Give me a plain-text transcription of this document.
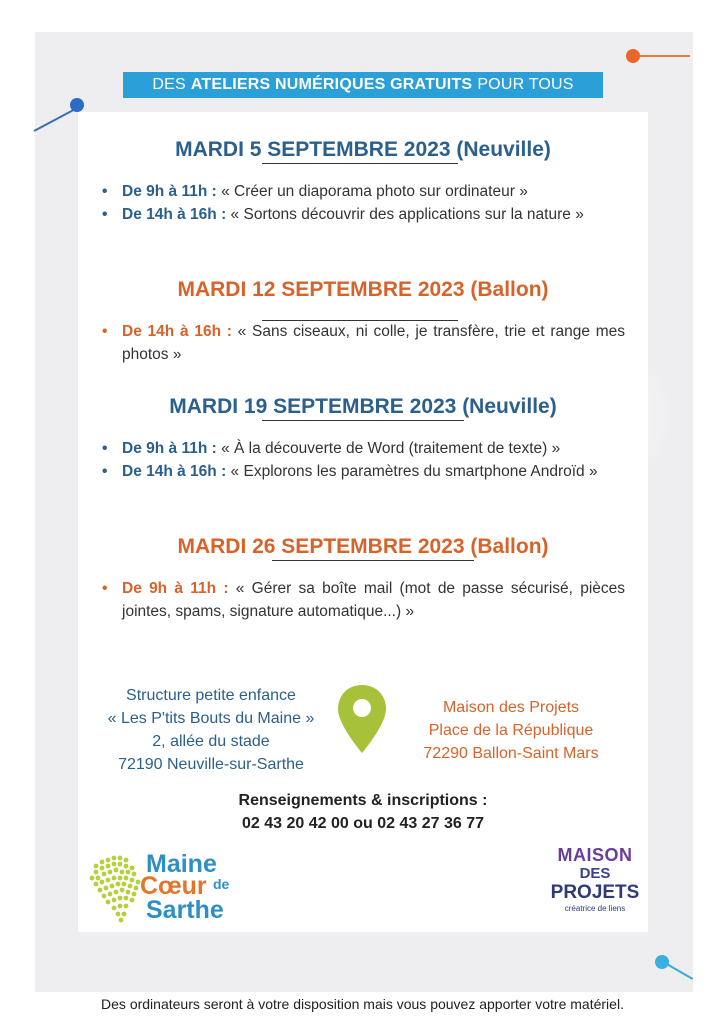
DES ATELIERS NUMÉRIQUES GRATUITS POUR TOUS
MARDI 5 SEPTEMBRE 2023 (Neuville)
• De 9h à 11h : « Créer un diaporama photo sur ordinateur »
• De 14h à 16h : « Sortons découvrir des applications sur la nature »
MARDI 12 SEPTEMBRE 2023 (Ballon)
• De 14h à 16h : « Sans ciseaux, ni colle, je transfère, trie et range mes photos »
MARDI 19 SEPTEMBRE 2023 (Neuville)
• De 9h à 11h : « À la découverte de Word (traitement de texte) »
• De 14h à 16h : « Explorons les paramètres du smartphone Androïd »
MARDI 26 SEPTEMBRE 2023 (Ballon)
• De 9h à 11h : « Gérer sa boîte mail (mot de passe sécurisé, pièces jointes, spams, signature automatique...) »
Structure petite enfance
« Les P'tits Bouts du Maine »
2, allée du stade
72190 Neuville-sur-Sarthe
Maison des Projets
Place de la République
72290 Ballon-Saint Mars
Renseignements & inscriptions :
02 43 20 42 00 ou 02 43 27 36 77
Maine
Cœur de
Sarthe
MAISON
DES
PROJETS
créatrice de liens
Des ordinateurs seront à votre disposition mais vous pouvez apporter votre matériel.
